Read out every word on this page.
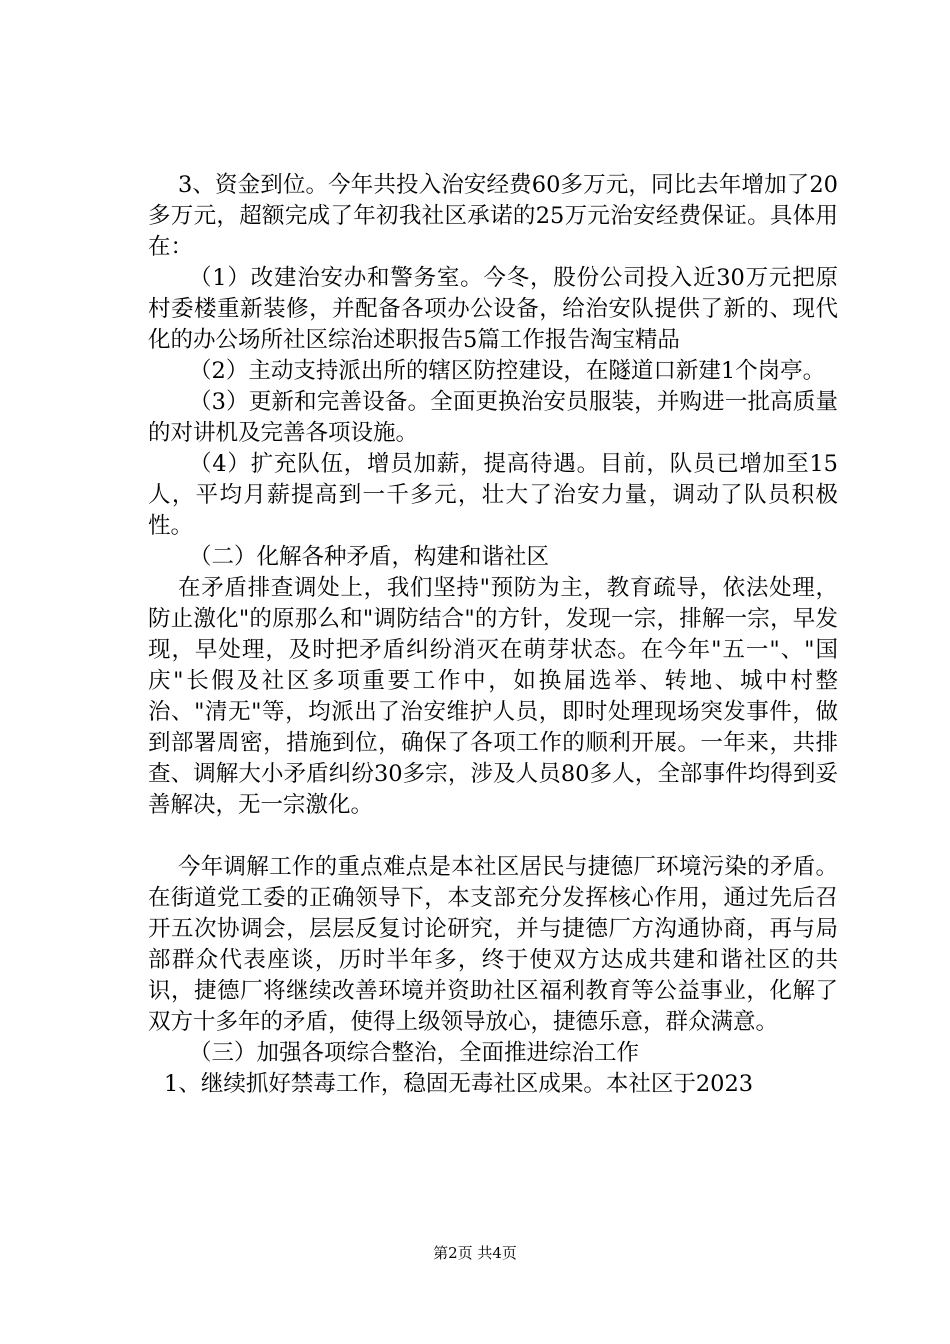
3、资金到位。今年共投入治安经费60多万元，同比去年增加了20多万元，超额完成了年初我社区承诺的25万元治安经费保证。具体用在：

（1）改建治安办和警务室。今冬，股份公司投入近30万元把原村委楼重新装修，并配备各项办公设备，给治安队提供了新的、现代化的办公场所社区综治述职报告5篇工作报告淘宝精品

（2）主动支持派出所的辖区防控建设，在隧道口新建1个岗亭。

（3）更新和完善设备。全面更换治安员服装，并购进一批高质量的对讲机及完善各项设施。

（4）扩充队伍，增员加薪，提高待遇。目前，队员已增加至15人，平均月薪提高到一千多元，壮大了治安力量，调动了队员积极性。

（二）化解各种矛盾，构建和谐社区

在矛盾排查调处上，我们坚持"预防为主，教育疏导，依法处理，防止激化"的原那么和"调防结合"的方针，发现一宗，排解一宗，早发现，早处理，及时把矛盾纠纷消灭在萌芽状态。在今年"五一"、"国庆"长假及社区多项重要工作中，如换届选举、转地、城中村整治、"清无"等，均派出了治安维护人员，即时处理现场突发事件，做到部署周密，措施到位，确保了各项工作的顺利开展。一年来，共排查、调解大小矛盾纠纷30多宗，涉及人员80多人，全部事件均得到妥善解决，无一宗激化。

今年调解工作的重点难点是本社区居民与捷德厂环境污染的矛盾。在街道党工委的正确领导下，本支部充分发挥核心作用，通过先后召开五次协调会，层层反复讨论研究，并与捷德厂方沟通协商，再与局部群众代表座谈，历时半年多，终于使双方达成共建和谐社区的共识，捷德厂将继续改善环境并资助社区福利教育等公益事业，化解了双方十多年的矛盾，使得上级领导放心，捷德乐意，群众满意。

（三）加强各项综合整治，全面推进综治工作

1、继续抓好禁毒工作，稳固无毒社区成果。本社区于2023

第2页 共4页
